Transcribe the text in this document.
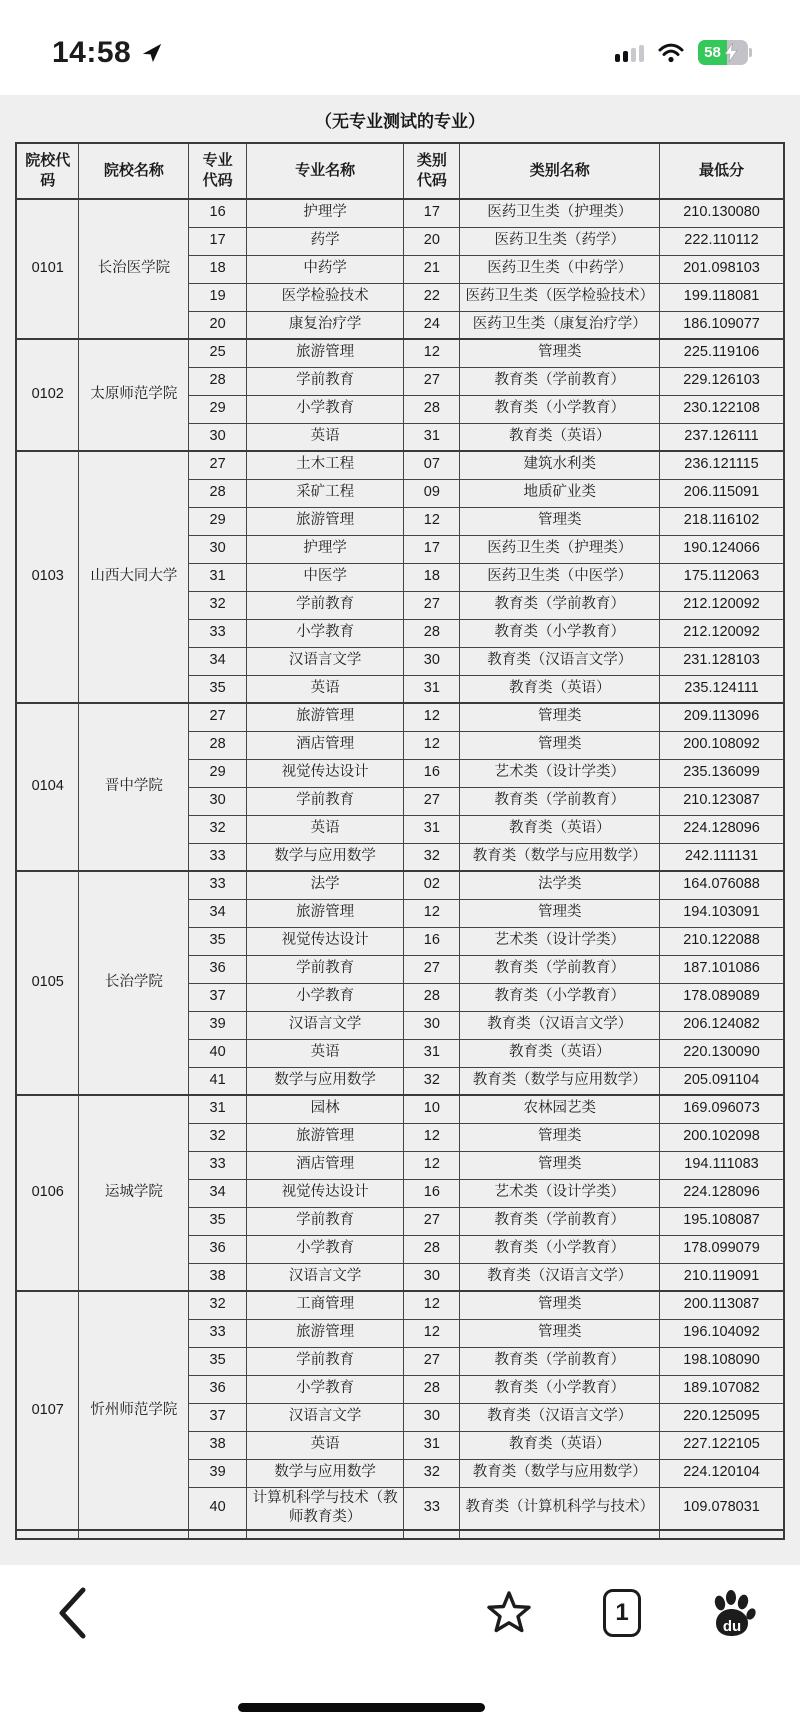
14:58	58
（无专业测试的专业）
院校代码	院校名称	专业代码	专业名称	类别代码	类别名称	最低分
0101	长治医学院	16	护理学	17	医药卫生类（护理类）	210.130080
		17	药学	20	医药卫生类（药学）	222.110112
		18	中药学	21	医药卫生类（中药学）	201.098103
		19	医学检验技术	22	医药卫生类（医学检验技术）	199.118081
		20	康复治疗学	24	医药卫生类（康复治疗学）	186.109077
0102	太原师范学院	25	旅游管理	12	管理类	225.119106
		28	学前教育	27	教育类（学前教育）	229.126103
		29	小学教育	28	教育类（小学教育）	230.122108
		30	英语	31	教育类（英语）	237.126111
0103	山西大同大学	27	土木工程	07	建筑水利类	236.121115
		28	采矿工程	09	地质矿业类	206.115091
		29	旅游管理	12	管理类	218.116102
		30	护理学	17	医药卫生类（护理类）	190.124066
		31	中医学	18	医药卫生类（中医学）	175.112063
		32	学前教育	27	教育类（学前教育）	212.120092
		33	小学教育	28	教育类（小学教育）	212.120092
		34	汉语言文学	30	教育类（汉语言文学）	231.128103
		35	英语	31	教育类（英语）	235.124111
0104	晋中学院	27	旅游管理	12	管理类	209.113096
		28	酒店管理	12	管理类	200.108092
		29	视觉传达设计	16	艺术类（设计学类）	235.136099
		30	学前教育	27	教育类（学前教育）	210.123087
		32	英语	31	教育类（英语）	224.128096
		33	数学与应用数学	32	教育类（数学与应用数学）	242.111131
0105	长治学院	33	法学	02	法学类	164.076088
		34	旅游管理	12	管理类	194.103091
		35	视觉传达设计	16	艺术类（设计学类）	210.122088
		36	学前教育	27	教育类（学前教育）	187.101086
		37	小学教育	28	教育类（小学教育）	178.089089
		39	汉语言文学	30	教育类（汉语言文学）	206.124082
		40	英语	31	教育类（英语）	220.130090
		41	数学与应用数学	32	教育类（数学与应用数学）	205.091104
0106	运城学院	31	园林	10	农林园艺类	169.096073
		32	旅游管理	12	管理类	200.102098
		33	酒店管理	12	管理类	194.111083
		34	视觉传达设计	16	艺术类（设计学类）	224.128096
		35	学前教育	27	教育类（学前教育）	195.108087
		36	小学教育	28	教育类（小学教育）	178.099079
		38	汉语言文学	30	教育类（汉语言文学）	210.119091
0107	忻州师范学院	32	工商管理	12	管理类	200.113087
		33	旅游管理	12	管理类	196.104092
		35	学前教育	27	教育类（学前教育）	198.108090
		36	小学教育	28	教育类（小学教育）	189.107082
		37	汉语言文学	30	教育类（汉语言文学）	220.125095
		38	英语	31	教育类（英语）	227.122105
		39	数学与应用数学	32	教育类（数学与应用数学）	224.120104
		40	计算机科学与技术（教师教育类）	33	教育类（计算机科学与技术）	109.078031

1
du
